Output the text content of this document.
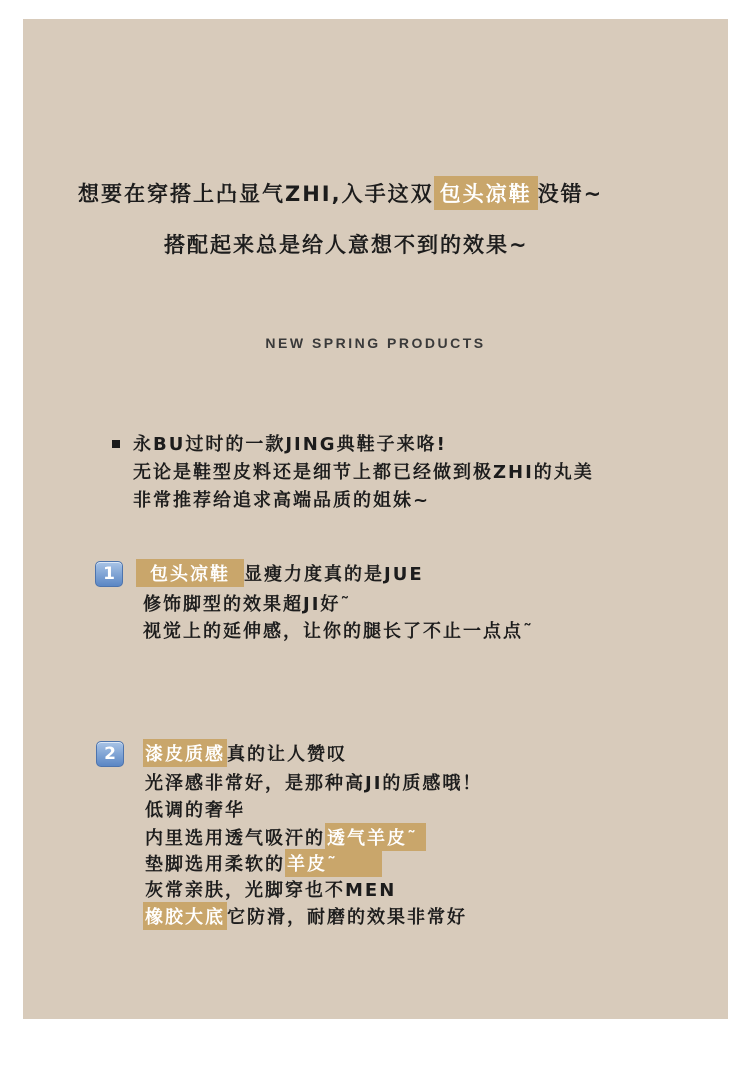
想要在穿搭上凸显气ZHI,入手这双 包头凉鞋 没错~
搭配起来总是给人意想不到的效果~
NEW SPRING PRODUCTS
永BU过时的一款JING典鞋子来咯!
无论是鞋型皮料还是细节上都已经做到极ZHI的丸美
非常推荐给追求高端品质的姐妹~
1	包头凉鞋 显瘦力度真的是JUE
修饰脚型的效果超JI好˜
视觉上的延伸感，让你的腿长了不止一点点˜
2	漆皮质感 真的让人赞叹
光泽感非常好，是那种高JI的质感哦！
低调的奢华
内里选用透气吸汗的 透气羊皮˜
垫脚选用柔软的 羊皮˜
灰常亲肤，光脚穿也不MEN
橡胶大底 它防滑，耐磨的效果非常好
